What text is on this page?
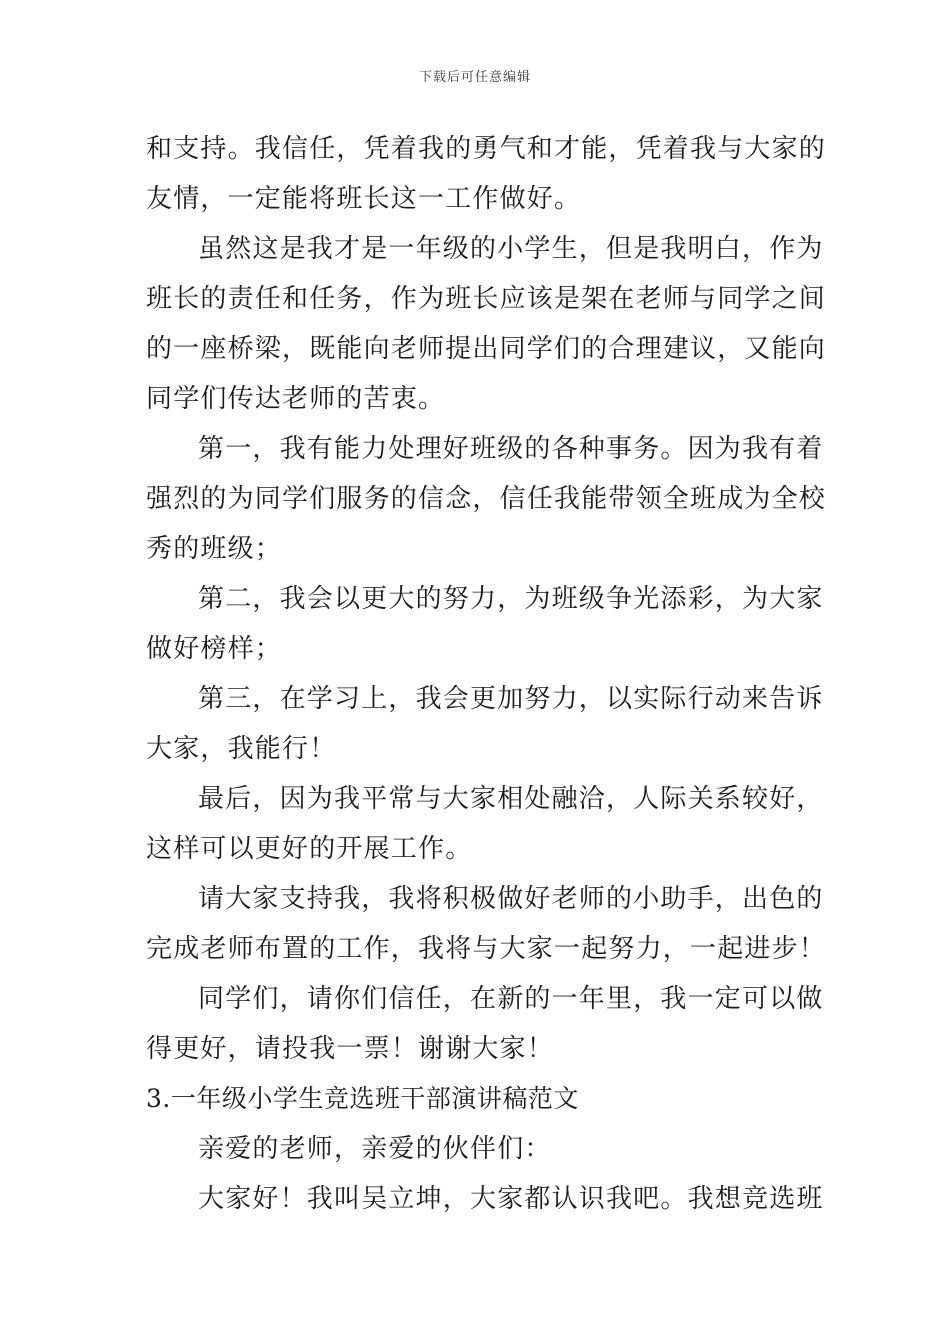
下载后可任意编辑
和支持。我信任，凭着我的勇气和才能，凭着我与大家的
友情，一定能将班长这一工作做好。
虽然这是我才是一年级的小学生，但是我明白，作为
班长的责任和任务，作为班长应该是架在老师与同学之间
的一座桥梁，既能向老师提出同学们的合理建议，又能向
同学们传达老师的苦衷。
第一，我有能力处理好班级的各种事务。因为我有着
强烈的为同学们服务的信念，信任我能带领全班成为全校
秀的班级；
第二，我会以更大的努力，为班级争光添彩，为大家
做好榜样；
第三，在学习上，我会更加努力，以实际行动来告诉
大家，我能行！
最后，因为我平常与大家相处融洽，人际关系较好，
这样可以更好的开展工作。
请大家支持我，我将积极做好老师的小助手，出色的
完成老师布置的工作，我将与大家一起努力，一起进步！
同学们，请你们信任，在新的一年里，我一定可以做
得更好，请投我一票！谢谢大家！
3.一年级小学生竞选班干部演讲稿范文
亲爱的老师，亲爱的伙伴们：
大家好！我叫吴立坤，大家都认识我吧。我想竞选班
